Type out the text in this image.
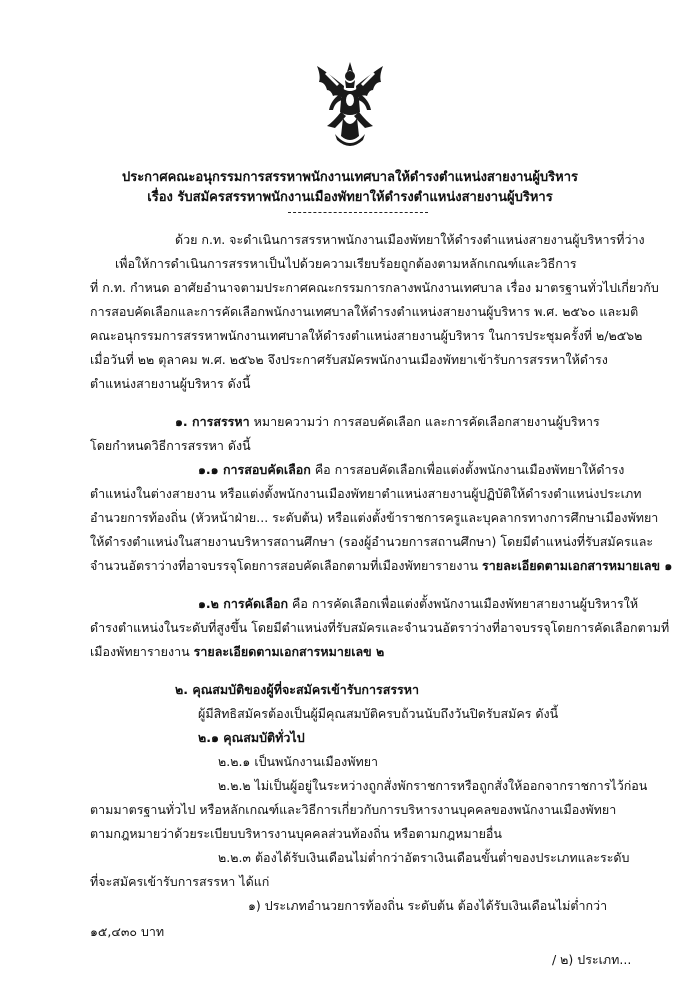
ประกาศคณะอนุกรรมการสรรหาพนักงานเทศบาลให้ดำรงตำแหน่งสายงานผู้บริหาร
เรื่อง รับสมัครสรรหาพนักงานเมืองพัทยาให้ดำรงตำแหน่งสายงานผู้บริหาร
ด้วย ก.ท. จะดำเนินการสรรหาพนักงานเมืองพัทยาให้ดำรงตำแหน่งสายงานผู้บริหารที่ว่าง
เพื่อให้การดำเนินการสรรหาเป็นไปด้วยความเรียบร้อยถูกต้องตามหลักเกณฑ์และวิธีการ
ที่ ก.ท. กำหนด อาศัยอำนาจตามประกาศคณะกรรมการกลางพนักงานเทศบาล เรื่อง มาตรฐานทั่วไปเกี่ยวกับ
การสอบคัดเลือกและการคัดเลือกพนักงานเทศบาลให้ดำรงตำแหน่งสายงานผู้บริหาร พ.ศ. ๒๕๖๐ และมติ
คณะอนุกรรมการสรรหาพนักงานเทศบาลให้ดำรงตำแหน่งสายงานผู้บริหาร ในการประชุมครั้งที่ ๒/๒๕๖๒
เมื่อวันที่ ๒๒ ตุลาคม พ.ศ. ๒๕๖๒ จึงประกาศรับสมัครพนักงานเมืองพัทยาเข้ารับการสรรหาให้ดำรง
ตำแหน่งสายงานผู้บริหาร ดังนี้
๑. การสรรหา หมายความว่า การสอบคัดเลือก และการคัดเลือกสายงานผู้บริหาร
โดยกำหนดวิธีการสรรหา ดังนี้
๑.๑ การสอบคัดเลือก คือ การสอบคัดเลือกเพื่อแต่งตั้งพนักงานเมืองพัทยาให้ดำรง
ตำแหน่งในต่างสายงาน หรือแต่งตั้งพนักงานเมืองพัทยาตำแหน่งสายงานผู้ปฏิบัติให้ดำรงตำแหน่งประเภท
อำนวยการท้องถิ่น (หัวหน้าฝ่าย... ระดับต้น) หรือแต่งตั้งข้าราชการครูและบุคลากรทางการศึกษาเมืองพัทยา
ให้ดำรงตำแหน่งในสายงานบริหารสถานศึกษา (รองผู้อำนวยการสถานศึกษา) โดยมีตำแหน่งที่รับสมัครและ
จำนวนอัตราว่างที่อาจบรรจุโดยการสอบคัดเลือกตามที่เมืองพัทยารายงาน รายละเอียดตามเอกสารหมายเลข ๑
๑.๒ การคัดเลือก คือ การคัดเลือกเพื่อแต่งตั้งพนักงานเมืองพัทยาสายงานผู้บริหารให้
ดำรงตำแหน่งในระดับที่สูงขึ้น โดยมีตำแหน่งที่รับสมัครและจำนวนอัตราว่างที่อาจบรรจุโดยการคัดเลือกตามที่
เมืองพัทยารายงาน รายละเอียดตามเอกสารหมายเลข ๒
๒. คุณสมบัติของผู้ที่จะสมัครเข้ารับการสรรหา
ผู้มีสิทธิสมัครต้องเป็นผู้มีคุณสมบัติครบถ้วนนับถึงวันปิดรับสมัคร ดังนี้
๒.๑ คุณสมบัติทั่วไป
๒.๒.๑ เป็นพนักงานเมืองพัทยา
๒.๒.๒ ไม่เป็นผู้อยู่ในระหว่างถูกสั่งพักราชการหรือถูกสั่งให้ออกจากราชการไว้ก่อน
ตามมาตรฐานทั่วไป หรือหลักเกณฑ์และวิธีการเกี่ยวกับการบริหารงานบุคคลของพนักงานเมืองพัทยา
ตามกฎหมายว่าด้วยระเบียบบริหารงานบุคคลส่วนท้องถิ่น หรือตามกฎหมายอื่น
๒.๒.๓ ต้องได้รับเงินเดือนไม่ต่ำกว่าอัตราเงินเดือนขั้นต่ำของประเภทและระดับ
ที่จะสมัครเข้ารับการสรรหา ได้แก่
๑) ประเภทอำนวยการท้องถิ่น ระดับต้น ต้องได้รับเงินเดือนไม่ต่ำกว่า
๑๕,๔๓๐ บาท
/ ๒) ประเภท...
